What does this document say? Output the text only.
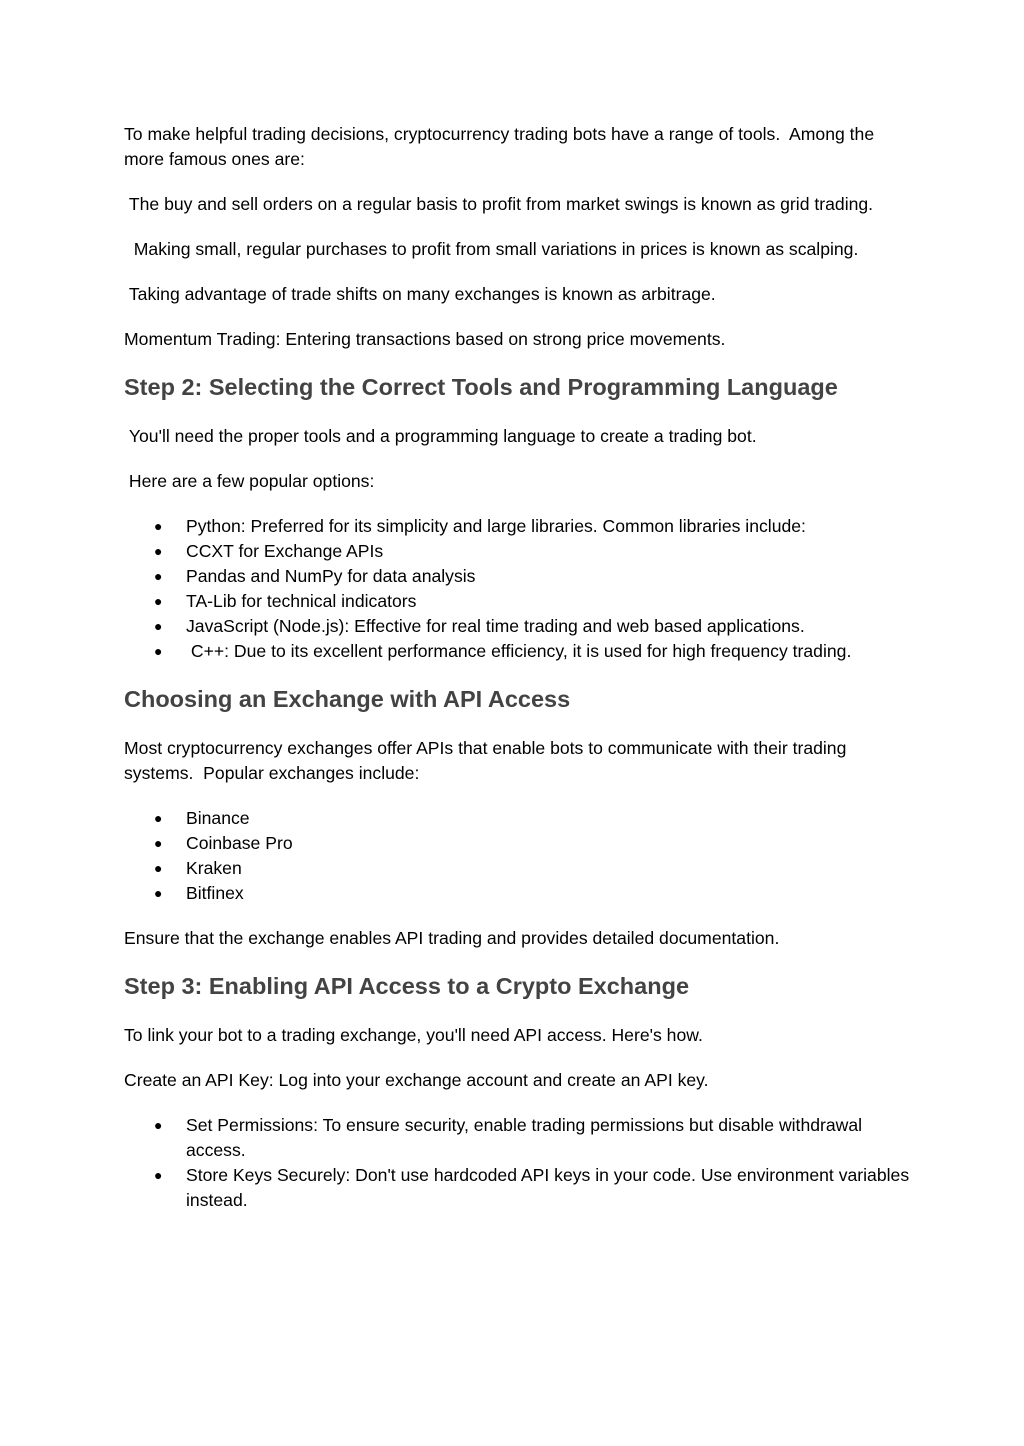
To make helpful trading decisions, cryptocurrency trading bots have a range of tools.  Among the more famous ones are:

The buy and sell orders on a regular basis to profit from market swings is known as grid trading.

Making small, regular purchases to profit from small variations in prices is known as scalping.

Taking advantage of trade shifts on many exchanges is known as arbitrage.

Momentum Trading: Entering transactions based on strong price movements.

Step 2: Selecting the Correct Tools and Programming Language

You'll need the proper tools and a programming language to create a trading bot.

Here are a few popular options:

● Python: Preferred for its simplicity and large libraries. Common libraries include:
● CCXT for Exchange APIs
● Pandas and NumPy for data analysis
● TA-Lib for technical indicators
● JavaScript (Node.js): Effective for real time trading and web based applications.
● C++: Due to its excellent performance efficiency, it is used for high frequency trading.
Choosing an Exchange with API Access

Most cryptocurrency exchanges offer APIs that enable bots to communicate with their trading systems.  Popular exchanges include:

● Binance
● Coinbase Pro
● Kraken
● Bitfinex

Ensure that the exchange enables API trading and provides detailed documentation.

Step 3: Enabling API Access to a Crypto Exchange

To link your bot to a trading exchange, you'll need API access. Here's how.

Create an API Key: Log into your exchange account and create an API key.

● Set Permissions: To ensure security, enable trading permissions but disable withdrawal access.
● Store Keys Securely: Don't use hardcoded API keys in your code. Use environment variables instead.
